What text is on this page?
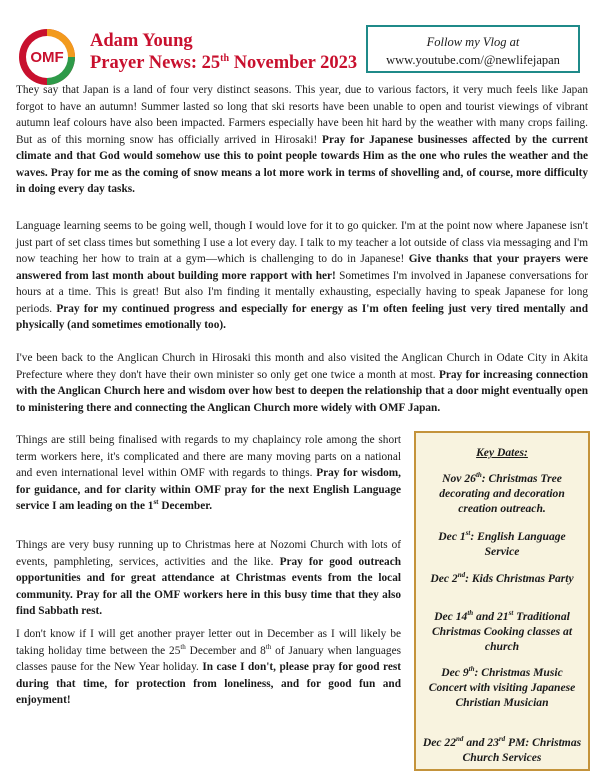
OMF
Adam Young
Prayer News: 25th November 2023
Follow my Vlog at
www.youtube.com/@newlifejapan
They say that Japan is a land of four very distinct seasons. This year, due to various factors, it very much feels like Japan forgot to have an autumn! Summer lasted so long that ski resorts have been unable to open and tourist viewings of vibrant autumn leaf colours have also been impacted. Farmers especially have been hit hard by the weather with many crops failing. But as of this morning snow has officially arrived in Hirosaki! Pray for Japanese businesses affected by the current climate and that God would somehow use this to point people towards Him as the one who rules the weather and the waves. Pray for me as the coming of snow means a lot more work in terms of shovelling and, of course, more difficulty in doing every day tasks.
Language learning seems to be going well, though I would love for it to go quicker. I'm at the point now where Japanese isn't just part of set class times but something I use a lot every day. I talk to my teacher a lot outside of class via messaging and I'm now teaching her how to train at a gym—which is challenging to do in Japanese! Give thanks that your prayers were answered from last month about building more rapport with her! Sometimes I'm involved in Japanese conversations for hours at a time. This is great! But also I'm finding it mentally exhausting, especially having to speak Japanese for long periods. Pray for my continued progress and especially for energy as I'm often feeling just very tired mentally and physically (and sometimes emotionally too).
I've been back to the Anglican Church in Hirosaki this month and also visited the Anglican Church in Odate City in Akita Prefecture where they don't have their own minister so only get one twice a month at most. Pray for increasing connection with the Anglican Church here and wisdom over how best to deepen the relationship that a door might eventually open to ministering there and connecting the Anglican Church more widely with OMF Japan.
Things are still being finalised with regards to my chaplaincy role among the short term workers here, it's complicated and there are many moving parts on a national and even international level within OMF with regards to things. Pray for wisdom, for guidance, and for clarity within OMF pray for the next English Language service I am leading on the 1st December.
Things are very busy running up to Christmas here at Nozomi Church with lots of events, pamphleting, services, activities and the like. Pray for good outreach opportunities and for great attendance at Christmas events from the local community. Pray for all the OMF workers here in this busy time that they also find Sabbath rest.
I don't know if I will get another prayer letter out in December as I will likely be taking holiday time between the 25th December and 8th of January when languages classes pause for the New Year holiday. In case I don't, please pray for good rest during that time, for protection from loneliness, and for good fun and enjoyment!
Key Dates:
Nov 26th: Christmas Tree decorating and decoration creation outreach.
Dec 1st: English Language Service
Dec 2nd: Kids Christmas Party
Dec 14th and 21st Traditional Christmas Cooking classes at church
Dec 9th: Christmas Music Concert with visiting Japanese Christian Musician
Dec 22nd and 23rd PM: Christmas Church Services
